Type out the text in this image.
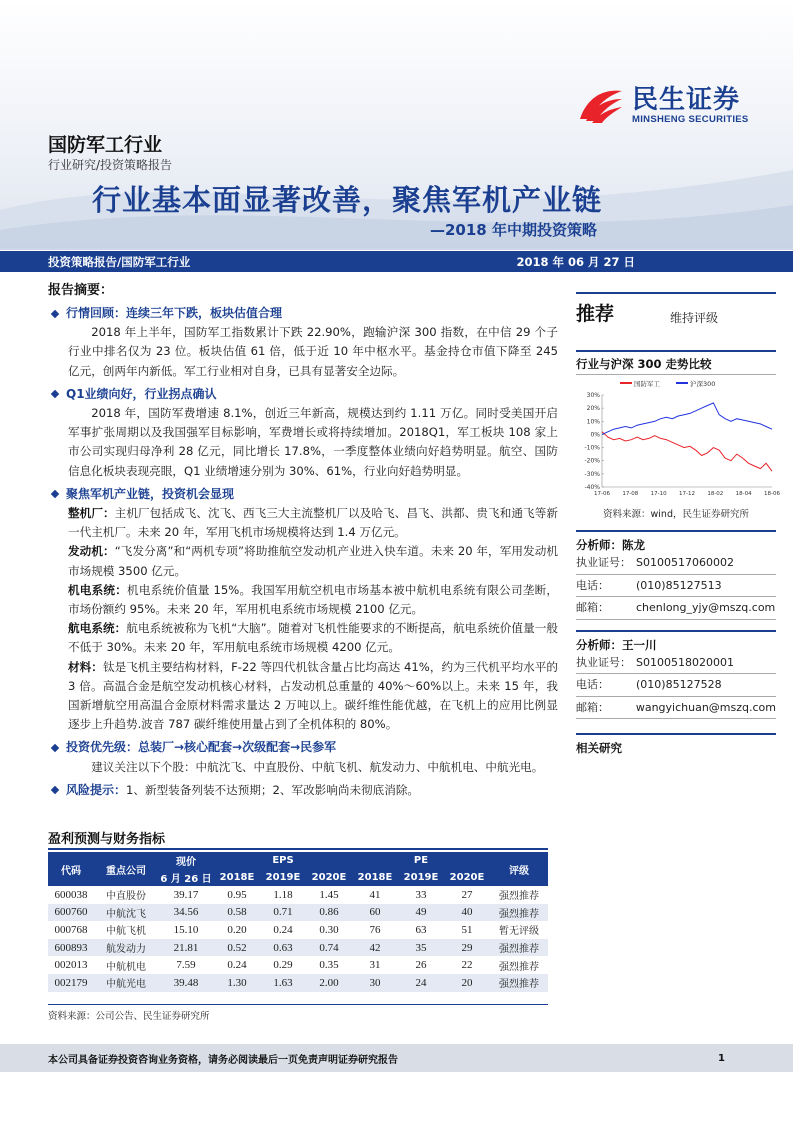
民生证券
MINSHENG SECURITIES
国防军工行业
行业研究/投资策略报告
行业基本面显著改善，聚焦军机产业链
—2018 年中期投资策略
投资策略报告/国防军工行业	2018 年 06 月 27 日
报告摘要：
行情回顾：连续三年下跌，板块估值合理
2018 年上半年，国防军工指数累计下跌 22.90%，跑输沪深 300 指数，在中信 29 个子行业中排名仅为 23 位。板块估值 61 倍，低于近 10 年中枢水平。基金持仓市值下降至 245 亿元，创两年内新低。军工行业相对自身，已具有显著安全边际。
Q1业绩向好，行业拐点确认
2018 年，国防军费增速 8.1%，创近三年新高，规模达到约 1.11 万亿。同时受美国开启军事扩张周期以及我国强军目标影响，军费增长或将持续增加。2018Q1，军工板块 108 家上市公司实现归母净利 28 亿元，同比增长 17.8%，一季度整体业绩向好趋势明显。航空、国防信息化板块表现亮眼，Q1 业绩增速分别为 30%、61%，行业向好趋势明显。
聚焦军机产业链，投资机会显现
整机厂：主机厂包括成飞、沈飞、西飞三大主流整机厂以及哈飞、昌飞、洪都、贵飞和通飞等新一代主机厂。未来 20 年，军用飞机市场规模将达到 1.4 万亿元。
发动机：“飞发分离”和“两机专项”将助推航空发动机产业进入快车道。未来 20 年，军用发动机市场规模 3500 亿元。
机电系统：机电系统价值量 15%。我国军用航空机电市场基本被中航机电系统有限公司垄断，市场份额约 95%。未来 20 年，军用机电系统市场规模 2100 亿元。
航电系统：航电系统被称为飞机“大脑”。随着对飞机性能要求的不断提高，航电系统价值量一般不低于 30%。未来 20 年，军用航电系统市场规模 4200 亿元。
材料：钛是飞机主要结构材料，F-22 等四代机钛含量占比均高达 41%，约为三代机平均水平的 3 倍。高温合金是航空发动机核心材料，占发动机总重量的 40%～60%以上。未来 15 年，我国新增航空用高温合金原材料需求量达 2 万吨以上。碳纤维性能优越，在飞机上的应用比例显逐步上升趋势.波音 787 碳纤维使用量占到了全机体积的 80%。
投资优先级：总装厂→核心配套→次级配套→民参军
建议关注以下个股：中航沈飞、中直股份、中航飞机、航发动力、中航机电、中航光电。
风险提示： 1、新型装备列装不达预期；2、军改影响尚未彻底消除。
推荐	维持评级
行业与沪深 300 走势比较
国防军工	沪深300
30%
20%
10%
0%
-10%
-20%
-30%
-40%
17-06 17-08 17-10 17-12 18-02 18-04 18-06
资料来源：wind，民生证券研究所
分析师：陈龙
执业证号： S0100517060002
电话：	(010)85127513
邮箱：	chenlong_yjy@mszq.com
分析师：王一川
执业证号： S0100518020001
电话：	(010)85127528
邮箱：	wangyichuan@mszq.com
相关研究
盈利预测与财务指标
代码	重点公司	现价	EPS			PE			评级
		6 月 26 日	2018E	2019E	2020E	2018E	2019E	2020E	
600038	中直股份	39.17	0.95	1.18	1.45	41	33	27	强烈推荐
600760	中航沈飞	34.56	0.58	0.71	0.86	60	49	40	强烈推荐
000768	中航飞机	15.10	0.20	0.24	0.30	76	63	51	暂无评级
600893	航发动力	21.81	0.52	0.63	0.74	42	35	29	强烈推荐
002013	中航机电	7.59	0.24	0.29	0.35	31	26	22	强烈推荐
002179	中航光电	39.48	1.30	1.63	2.00	30	24	20	强烈推荐
资料来源：公司公告、民生证券研究所
本公司具备证券投资咨询业务资格，请务必阅读最后一页免责声明证券研究报告	1
